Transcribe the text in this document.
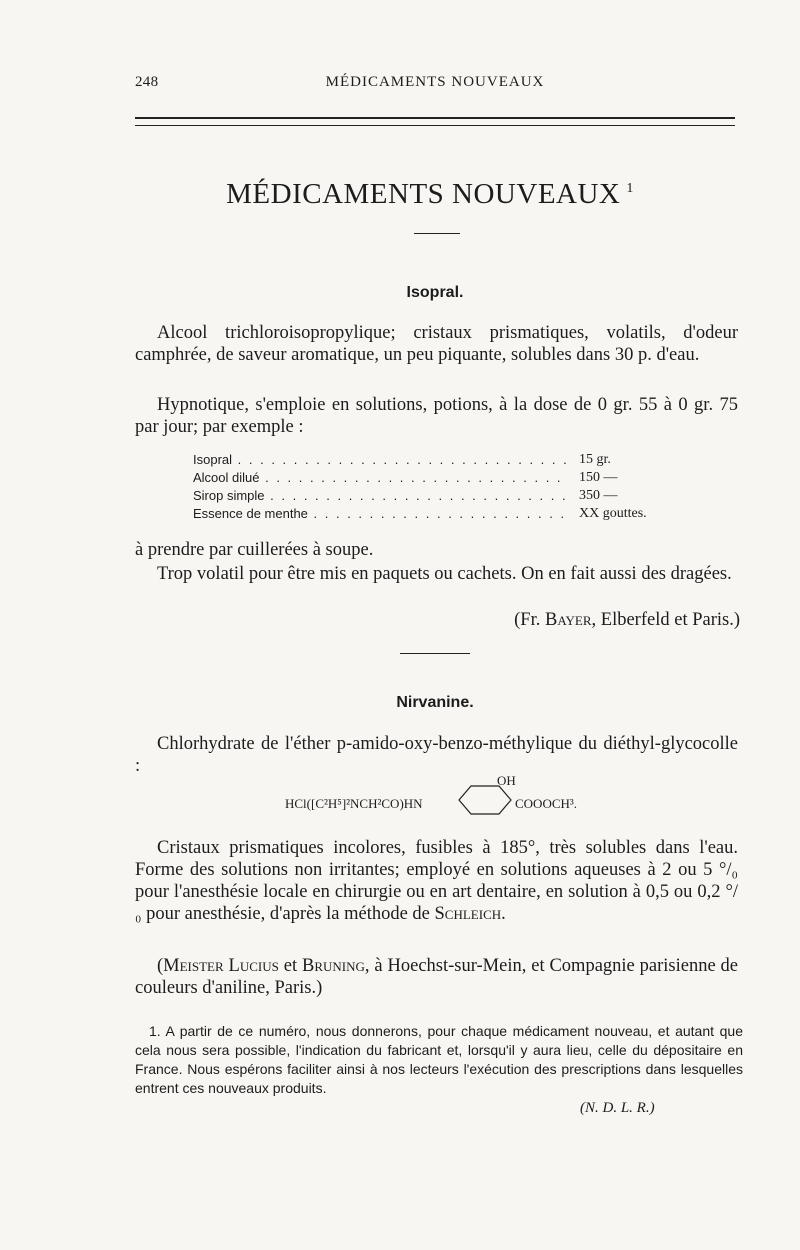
248	MÉDICAMENTS NOUVEAUX
MÉDICAMENTS NOUVEAUX $^1$
Isopral.
Alcool trichloroisopropylique; cristaux prismatiques, volatils, d'odeur camphrée, de saveur aromatique, un peu piquante, solubles dans 30 p. d'eau.
Hypnotique, s'emploie en solutions, potions, à la dose de 0 gr. 55 à 0 gr. 75 par jour; par exemple :
Isopral . . .	15 gr.
Alcool dilué . . .	150 —
Sirop simple . . .	350 —
Essence de menthe . . .	XX gouttes.
à prendre par cuillerées à soupe.
Trop volatil pour être mis en paquets ou cachets. On en fait aussi des dragées.
(Fr. Bayer, Elberfeld et Paris.)
Nirvanine.
Chlorhydrate de l'éther p-amido-oxy-benzo-méthylique du diéthyl-glycocolle :
HCl([C²H⁵]²NCH²CO)HN
OH
COOOCH³.
Cristaux prismatiques incolores, fusibles à 185°, très solubles dans l'eau. Forme des solutions non irritantes; employé en solutions aqueuses à 2 ou 5 °/₀ pour l'anesthésie locale en chirurgie ou en art dentaire, en solution à 0,5 ou 0,2 °/₀ pour anesthésie, d'après la méthode de Schleich.
(Meister Lucius et Bruning, à Hoechst-sur-Mein, et Compagnie parisienne de couleurs d'aniline, Paris.)
1. A partir de ce numéro, nous donnerons, pour chaque médicament nouveau, et autant que cela nous sera possible, l'indication du fabricant et, lorsqu'il y aura lieu, celle du dépositaire en France. Nous espérons faciliter ainsi à nos lecteurs l'exécution des prescriptions dans lesquelles entrent ces nouveaux produits.
(N. D. L. R.)
